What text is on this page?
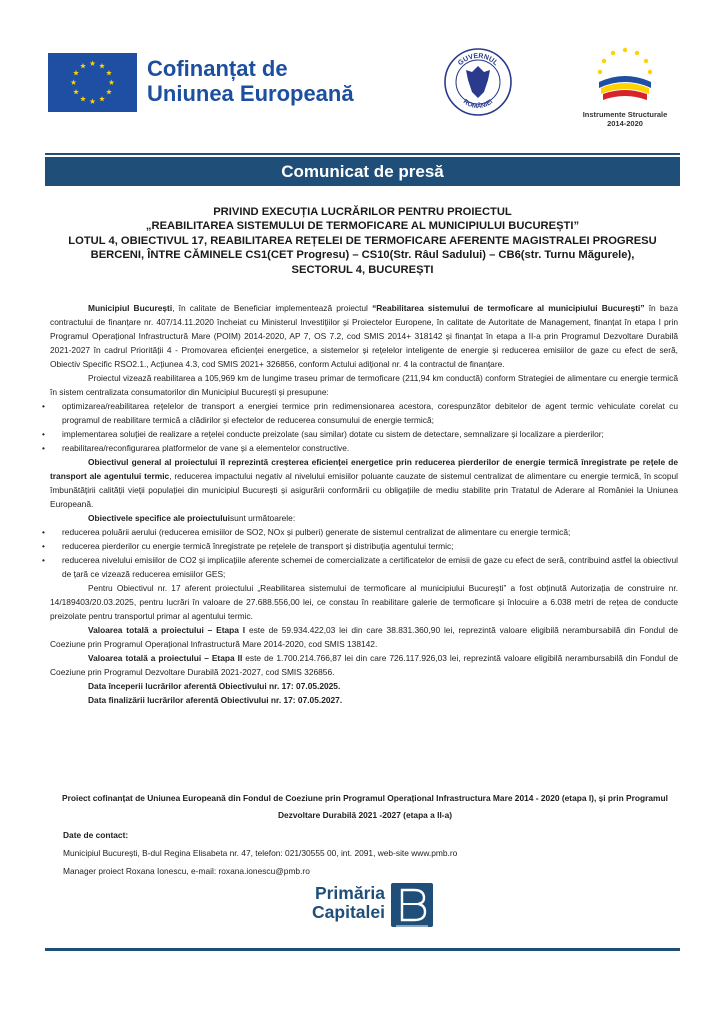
Cofinanțat de
Uniunea Europeană
GUVERNUL
ROMÂNIEI
Instrumente Structurale
2014-2020
Comunicat de presă
PRIVIND EXECUȚIA LUCRĂRILOR PENTRU PROIECTUL
„REABILITAREA SISTEMULUI DE TERMOFICARE AL MUNICIPIULUI BUCUREȘTI”
LOTUL 4, OBIECTIVUL 17, REABILITAREA REȚELEI DE TERMOFICARE AFERENTE MAGISTRALEI PROGRESU
BERCENI, ÎNTRE CĂMINELE CS1(CET Progresu) – CS10(Str. Râul Sadului) – CB6(str. Turnu Măgurele),
SECTORUL 4, BUCUREȘTI

Municipiul București, în calitate de Beneficiar implementează proiectul “Reabilitarea sistemului de termoficare al municipiului București” în baza contractului de finanțare nr. 407/14.11.2020 încheiat cu Ministerul Investițiilor și Proiectelor Europene, în calitate de Autoritate de Management, finanțat în etapa I prin Programul Operațional Infrastructură Mare (POIM) 2014-2020, AP 7, OS 7.2, cod SMIS 2014+ 318142 și finanțat în etapa a II-a prin Programul Dezvoltare Durabilă 2021-2027 în cadrul Priorității 4 - Promovarea eficienței energetice, a sistemelor și rețelelor inteligente de energie și reducerea emisiilor de gaze cu efect de seră, Obiectiv Specific RSO2.1., Acțiunea 4.3, cod SMIS 2021+ 326856, conform Actului adițional nr. 4 la contractul de finanțare.

Proiectul vizează reabilitarea a 105,969 km de lungime traseu primar de termoficare (211,94 km conductă) conform Strategiei de alimentare cu energie termică în sistem centralizata consumatorilor din Municipiul București și presupune:

• optimizarea/reabilitarea rețelelor de transport a energiei termice prin redimensionarea acestora, corespunzător debitelor de agent termic vehiculate corelat cu programul de reabilitare termică a clădirilor și efectelor de reducerea consumului de energie termică;

• implementarea soluției de realizare a rețelei conducte preizolate (sau similar) dotate cu sistem de detectare, semnalizare și localizare a pierderilor;

• reabilitarea/reconfigurarea platformelor de vane și a elementelor constructive.

Obiectivul general al proiectului îl reprezintă creșterea eficienței energetice prin reducerea pierderilor de energie termică înregistrate pe rețele de transport ale agentului termic, reducerea impactului negativ al nivelului emisiilor poluante cauzate de sistemul centralizat de alimentare cu energie termică, în scopul îmbunătățirii calității vieții populației din municipiul București și asigurării conformării cu obligațiile de mediu stabilite prin Tratatul de Aderare al României la Uniunea Europeană.

Obiectivele specifice ale proiectuluisunt următoarele:

• reducerea poluării aerului (reducerea emisiilor de SO2, NOx și pulberi) generate de sistemul centralizat de alimentare cu energie termică;

• reducerea pierderilor cu energie termică înregistrate pe rețelele de transport și distribuția agentului termic;

• reducerea nivelului emisiilor de CO2 și implicațiile aferente schemei de comercializate a certificatelor de emisii de gaze cu efect de seră, contribuind astfel la obiectivul de țară ce vizează reducerea emisiilor GES;

Pentru Obiectivul nr. 17 aferent proiectului „Reabilitarea sistemului de termoficare al municipiului București” a fost obținută Autorizația de construire nr. 14/189403/20.03.2025, pentru lucrări în valoare de 27.688.556,00 lei, ce constau în reabilitare galerie de termoficare și înlocuire a 6.038 metri de rețea de conducte preizolate pentru transportul primar al agentului termic.

Valoarea totală a proiectului – Etapa I este de 59.934.422,03 lei din care 38.831.360,90 lei, reprezintă valoare eligibilă nerambursabilă din Fondul de Coeziune prin Programul Operațional Infrastructură Mare 2014-2020, cod SMIS 138142.

Valoarea totală a proiectului – Etapa II este de 1.700.214.766,87 lei din care 726.117.926,03 lei, reprezintă valoare eligibilă nerambursabilă din Fondul de Coeziune prin Programul Dezvoltare Durabilă 2021-2027, cod SMIS 326856.

Data începerii lucrărilor aferentă Obiectivului nr. 17: 07.05.2025.

Data finalizării lucrărilor aferentă Obiectivului nr. 17: 07.05.2027.

Proiect cofinanțat de Uniunea Europeană din Fondul de Coeziune prin Programul Operațional Infrastructura Mare 2014 - 2020 (etapa I), și prin Programul Dezvoltare Durabilă 2021 -2027 (etapa a II-a)
Date de contact:
Municipiul București, B-dul Regina Elisabeta nr. 47, telefon: 021/30555 00, int. 2091, web-site www.pmb.ro
Manager proiect Roxana Ionescu, e-mail: roxana.ionescu@pmb.ro
Primăria
Capitalei
